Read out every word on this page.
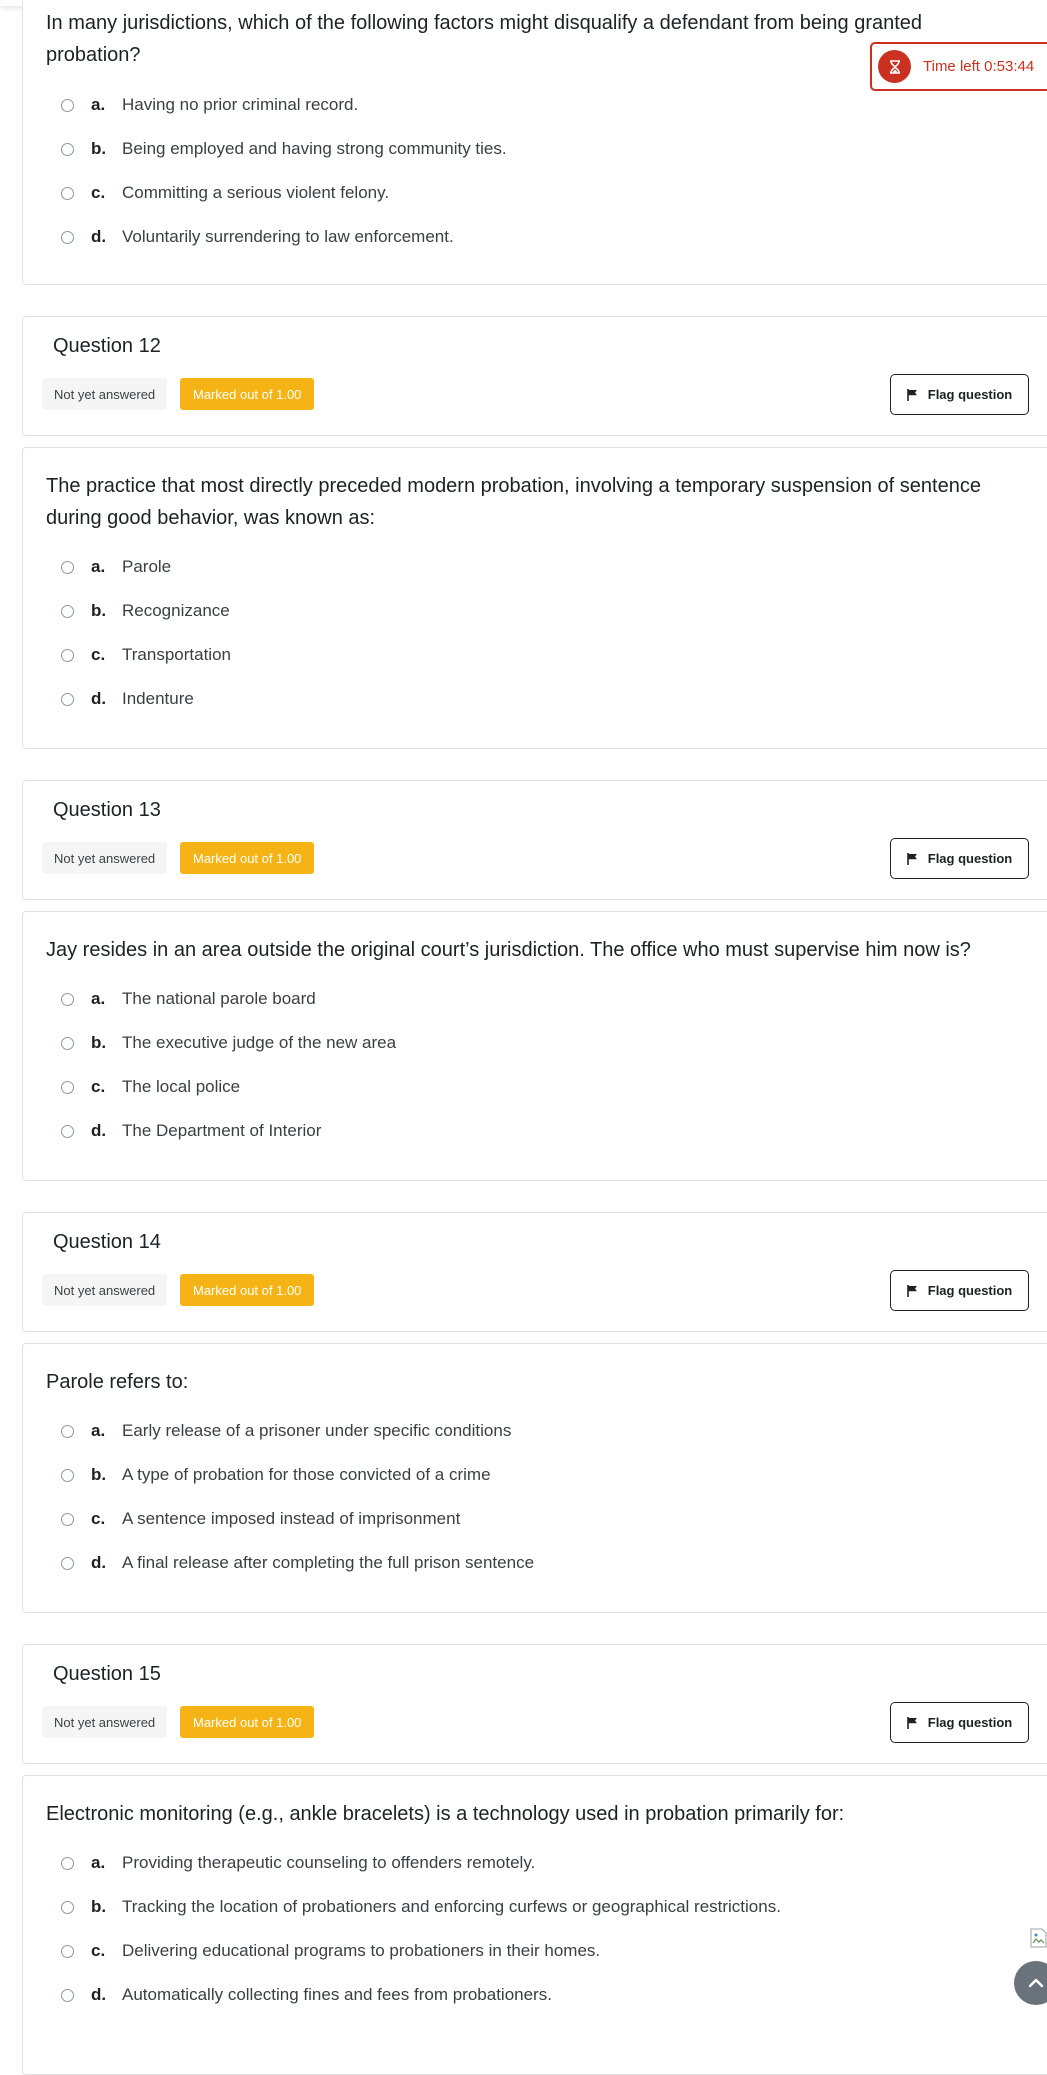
In many jurisdictions, which of the following factors might disqualify a defendant from being granted probation?
a. Having no prior criminal record.
b. Being employed and having strong community ties.
c. Committing a serious violent felony.
d. Voluntarily surrendering to law enforcement.
Time left 0:53:44
Question 12
Not yet answered	Marked out of 1.00	Flag question
The practice that most directly preceded modern probation, involving a temporary suspension of sentence during good behavior, was known as:
a. Parole
b. Recognizance
c. Transportation
d. Indenture
Question 13
Not yet answered	Marked out of 1.00	Flag question
Jay resides in an area outside the original court’s jurisdiction. The office who must supervise him now is?
a. The national parole board
b. The executive judge of the new area
c. The local police
d. The Department of Interior
Question 14
Not yet answered	Marked out of 1.00	Flag question
Parole refers to:
a. Early release of a prisoner under specific conditions
b. A type of probation for those convicted of a crime
c. A sentence imposed instead of imprisonment
d. A final release after completing the full prison sentence
Question 15
Not yet answered	Marked out of 1.00	Flag question
Electronic monitoring (e.g., ankle bracelets) is a technology used in probation primarily for:
a. Providing therapeutic counseling to offenders remotely.
b. Tracking the location of probationers and enforcing curfews or geographical restrictions.
c. Delivering educational programs to probationers in their homes.
d. Automatically collecting fines and fees from probationers.
